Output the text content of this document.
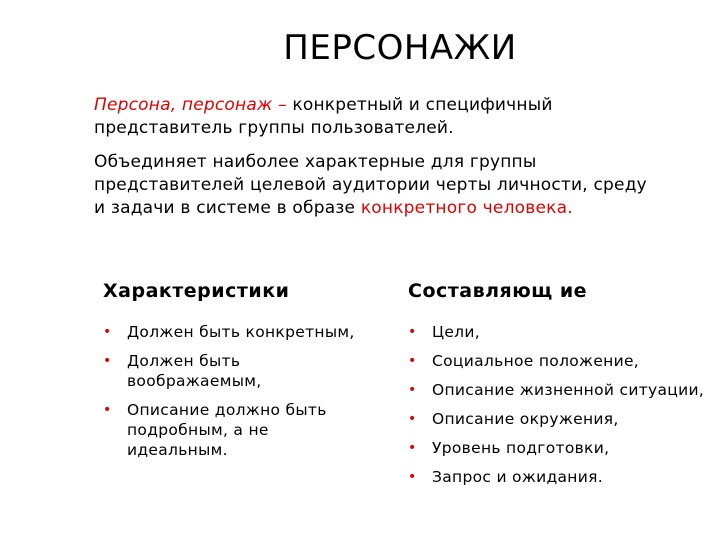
ПЕРСОНАЖИ

Персона, персонаж – конкретный и специфичный представитель группы пользователей.

Объединяет наиболее характерные для группы представителей целевой аудитории черты личности, среду и задачи в системе в образе конкретного человека.

Характеристики	Составляющ ие
• Должен быть конкретным,
• Должен быть воображаемым,
• Описание должно быть подробным, а не идеальным.
• Цели,
• Социальное положение,
• Описание жизненной ситуации,
• Описание окружения,
• Уровень подготовки,
• Запрос и ожидания.
